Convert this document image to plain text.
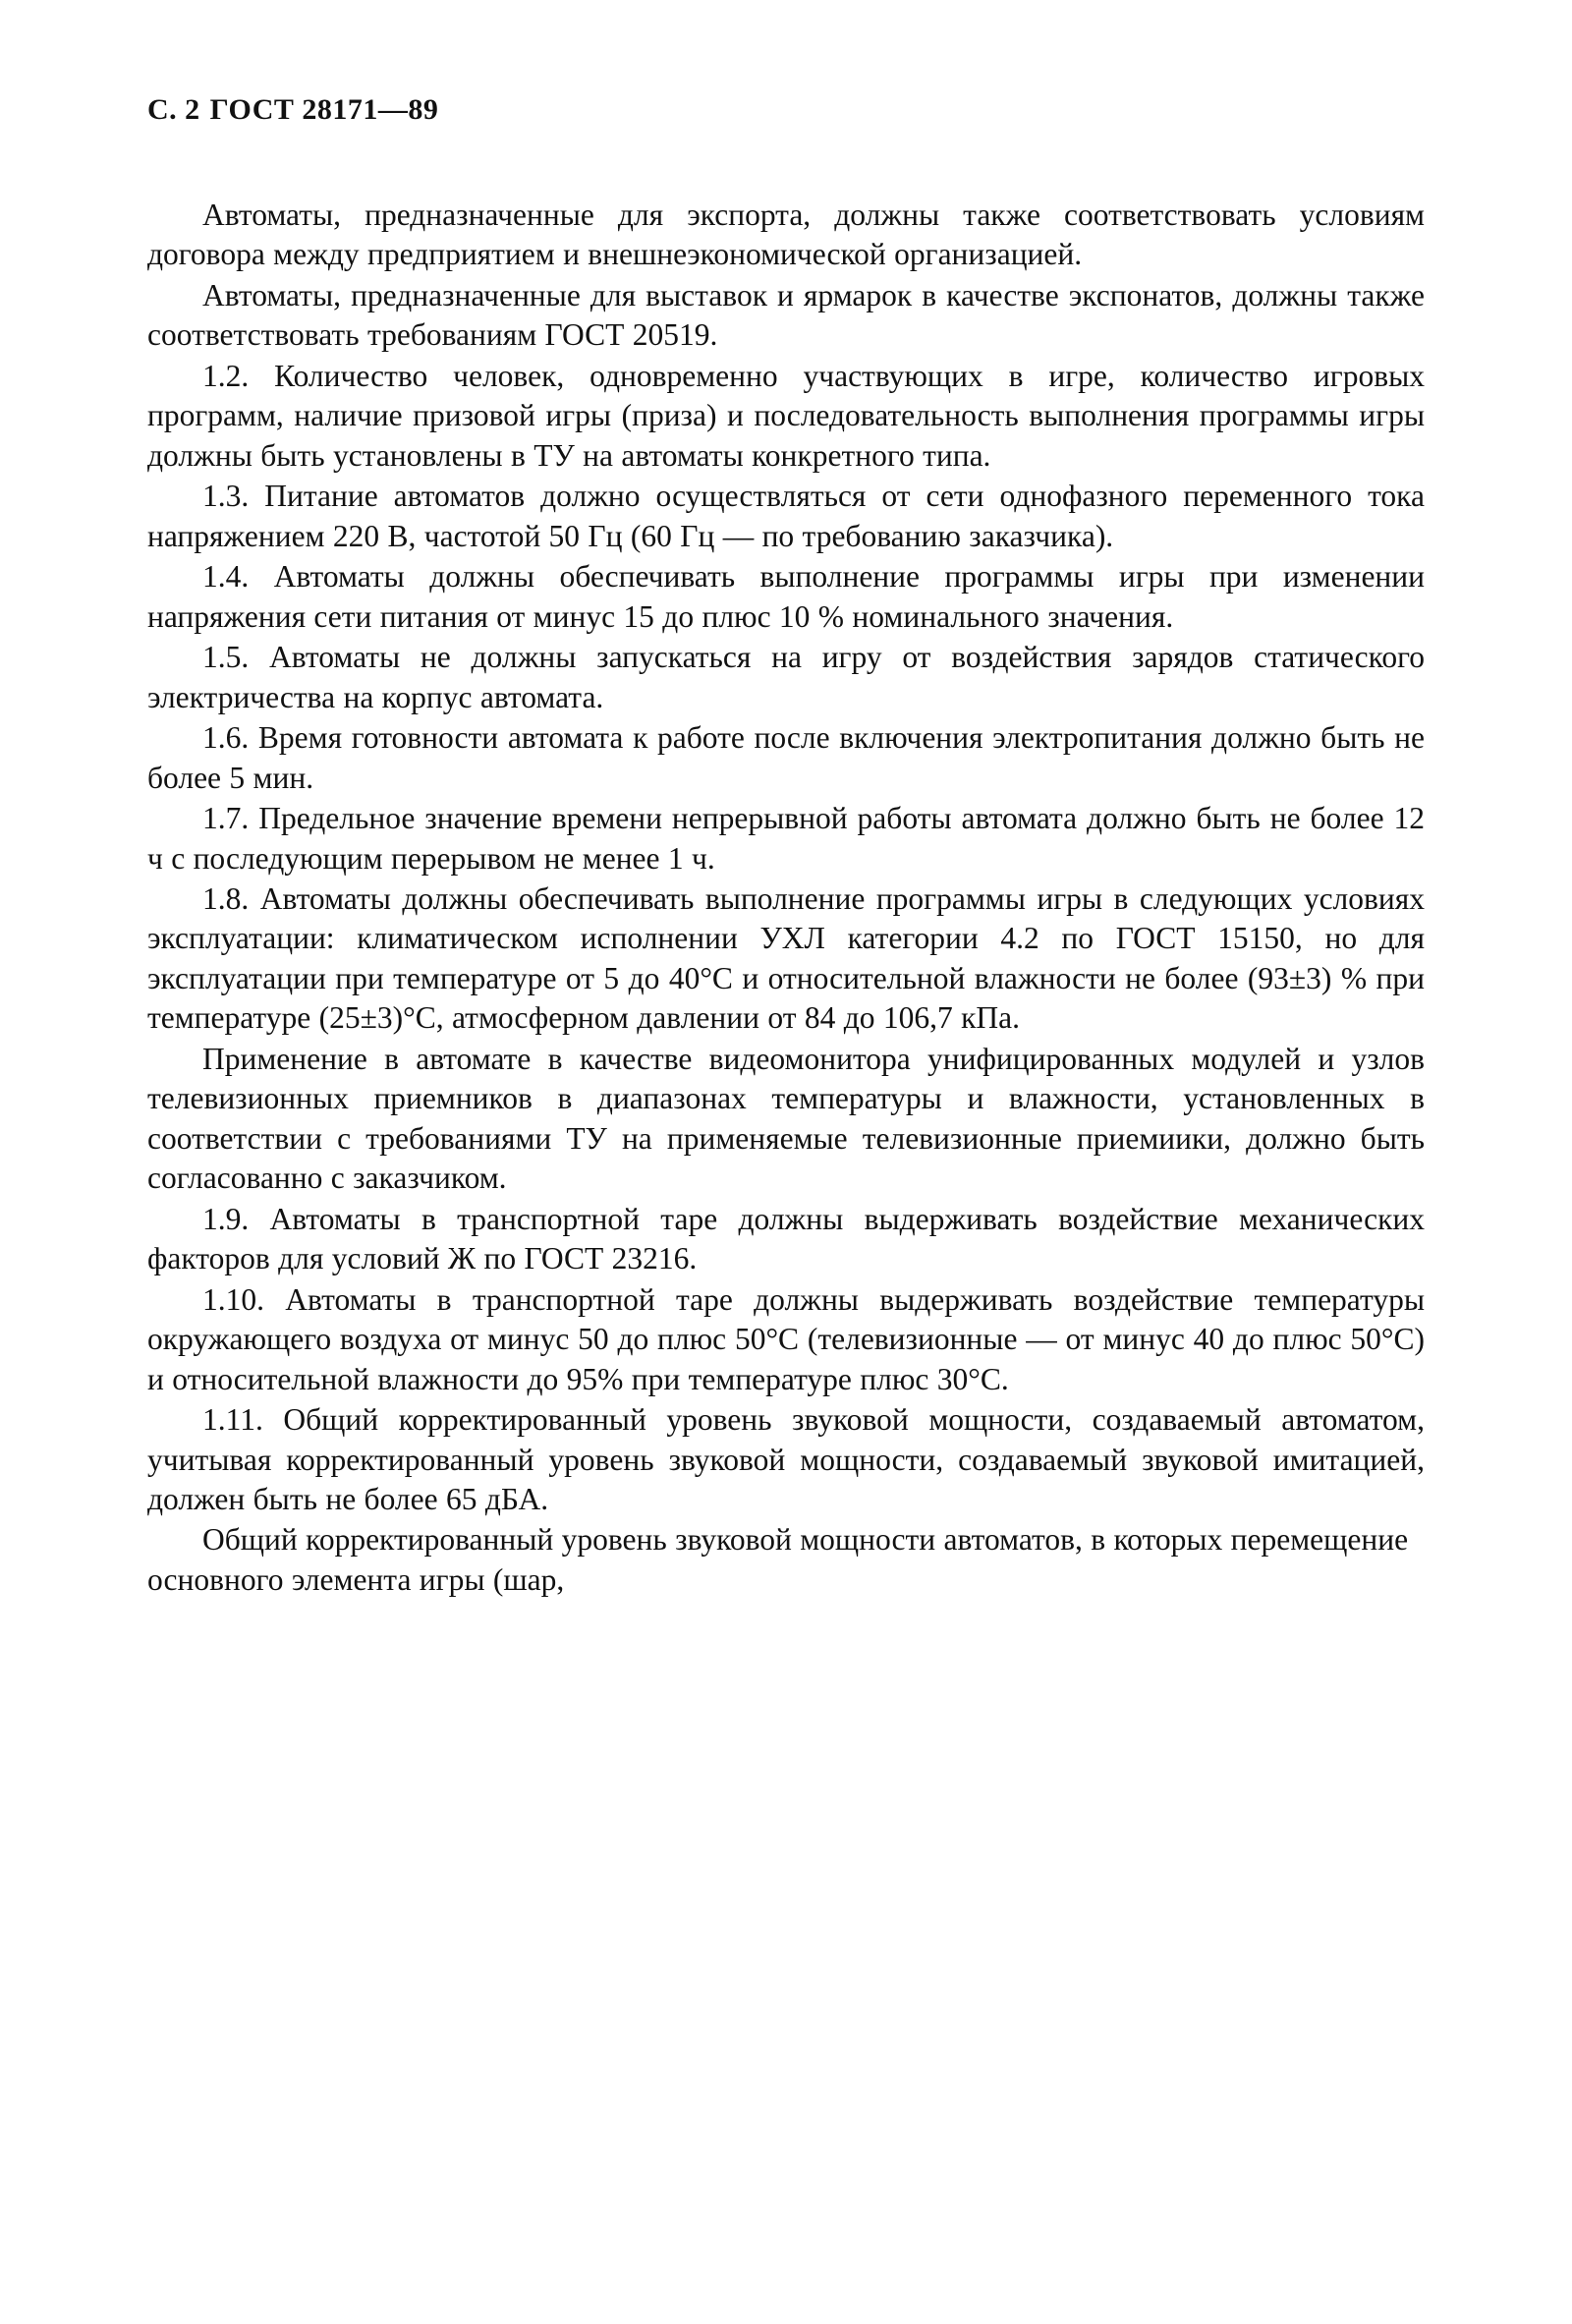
С. 2 ГОСТ 28171—89

Автоматы, предназначенные для экспорта, должны также соответствовать условиям договора между предприятием и внешнеэкономической организацией.

Автоматы, предназначенные для выставок и ярмарок в качестве экспонатов, должны также соответствовать требованиям ГОСТ 20519.

1.2. Количество человек, одновременно участвующих в игре, количество игровых программ, наличие призовой игры (приза) и последовательность выполнения программы игры должны быть установлены в ТУ на автоматы конкретного типа.

1.3. Питание автоматов должно осуществляться от сети однофазного переменного тока напряжением 220 В, частотой 50 Гц (60 Гц — по требованию заказчика).

1.4. Автоматы должны обеспечивать выполнение программы игры при изменении напряжения сети питания от минус 15 до плюс 10 % номинального значения.

1.5. Автоматы не должны запускаться на игру от воздействия зарядов статического электричества на корпус автомата.

1.6. Время готовности автомата к работе после включения электропитания должно быть не более 5 мин.

1.7. Предельное значение времени непрерывной работы автомата должно быть не более 12 ч с последующим перерывом не менее 1 ч.

1.8. Автоматы должны обеспечивать выполнение программы игры в следующих условиях эксплуатации: климатическом исполнении УХЛ категории 4.2 по ГОСТ 15150, но для эксплуатации при температуре от 5 до 40°С и относительной влажности не более (93±3) % при температуре (25±3)°С, атмосферном давлении от 84 до 106,7 кПа.

Применение в автомате в качестве видеомонитора унифицированных модулей и узлов телевизионных приемников в диапазонах температуры и влажности, установленных в соответствии с требованиями ТУ на применяемые телевизионные приемиики, должно быть согласованно с заказчиком.

1.9. Автоматы в транспортной таре должны выдерживать воздействие механических факторов для условий Ж по ГОСТ 23216.

1.10. Автоматы в транспортной таре должны выдерживать воздействие температуры окружающего воздуха от минус 50 до плюс 50°С (телевизионные — от минус 40 до плюс 50°С) и относительной влажности до 95% при температуре плюс 30°С.

1.11. Общий корректированный уровень звуковой мощности, создаваемый автоматом, учитывая корректированный уровень звуковой мощности, создаваемый звуковой имитацией, должен быть не более 65 дБА.

Общий корректированный уровень звуковой мощности автоматов, в которых перемещение основного элемента игры (шар,
